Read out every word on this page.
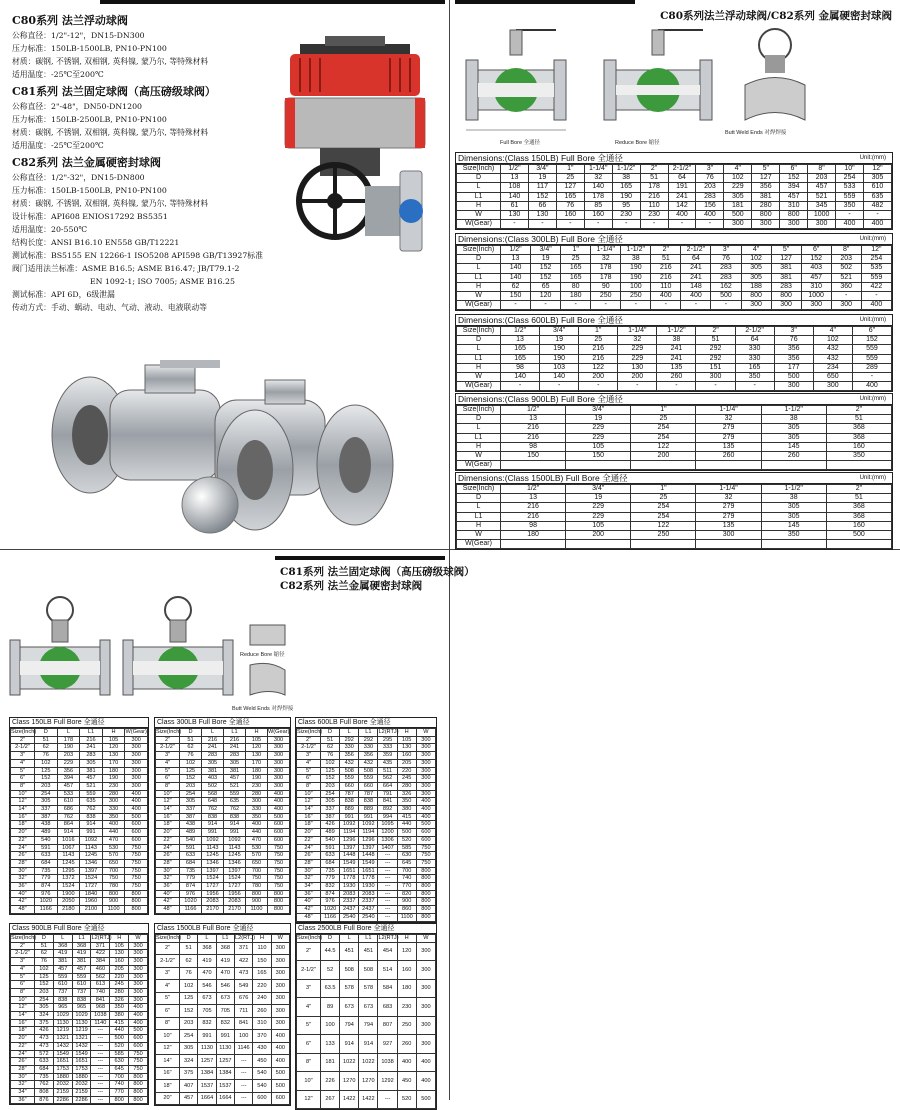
C80系列 法兰浮动球阀
公称直径：1/2"-12"，DN15-DN300
压力标准：150LB-1500LB, PN10-PN100
材质：碳钢, 不锈钢, 双相钢, 英科镍, 蒙乃尔, 等特殊材料
适用温度：-25℃至200℃
C81系列 法兰固定球阀（高压磅级球阀）
公称直径：2"-48"，DN50-DN1200
压力标准：150LB-2500LB, PN10-PN100
材质：碳钢, 不锈钢, 双相钢, 英科镍, 蒙乃尔, 等特殊材料
适用温度：-25℃至200℃
C82系列 法兰金属硬密封球阀
公称直径：1/2"-32"，DN15-DN800
压力标准：150LB-1500LB, PN10-PN100
材质：碳钢, 不锈钢, 双相钢, 英科镍, 蒙乃尔, 等特殊材料
设计标准：API608 ENIOS17292 BS5351
适用温度：20-550℃
结构长度：ANSI B16.10 EN558 GB/T12221
测试标准：BS5155 EN 12266-1 ISO5208 API598 GB/T13927标准
阀门适用法兰标准：ASME B16.5; ASME B16.47; JB/T79.1-2
　　　　　　　　　　EN 1092-1; ISO 7005; ASME B16.25
测试标准：API 6D，6级泄漏
传动方式：手动、蜗动、电动、气动、液动、电液联动等
C80系列法兰浮动球阀/C82系列 金属硬密封球阀
Full Bore 全通径	Reduce Bore 缩径
Butt Weld Ends 对焊焊接
Dimensions:(Class 150LB) Full Bore 全通径	Unit:(mm)
Size(Inch)	1/2"	3/4"	1"	1-1/4"	1-1/2"	2"	2-1/2"	3"	4"	5"	6"	8"	10"	12"
D	13	19	25	32	38	51	64	76	102	127	152	203	254	305
L	108	117	127	140	165	178	191	203	229	356	394	457	533	610
L1	140	152	165	178	190	216	241	283	305	381	457	521	559	635
H	61	66	76	85	95	110	142	156	181	280	310	345	350	482
W	130	130	160	160	230	230	400	400	500	800	800	1000	-	-
W(Gear)	-	-	-	-	-	-	-	-	300	300	300	300	400	400
Dimensions:(Class 300LB) Full Bore 全通径	Unit:(mm)
Size(Inch)	1/2"	3/4"	1"	1-1/4"	1-1/2"	2"	2-1/2"	3"	4"	5"	6"	8"	12"
D	13	19	25	32	38	51	64	76	102	127	152	203	254
L	140	152	165	178	190	216	241	283	305	381	403	502	535
L1	140	152	165	178	190	216	241	283	305	381	457	521	559
H	62	65	80	90	100	110	148	162	188	283	310	360	422
W	150	120	180	250	250	400	400	500	800	800	1000	-	-
W(Gear)	-	-	-	-	-	-	-	-	300	300	300	300	400
Dimensions:(Class 600LB) Full Bore 全通径	Unit:(mm)
Size(Inch)	1/2"	3/4"	1"	1-1/4"	1-1/2"	2"	2-1/2"	3"	4"	6"
D	13	19	25	32	38	51	64	76	102	152
L	165	190	216	229	241	292	330	356	432	559
L1	165	190	216	229	241	292	330	356	432	559
H	98	103	122	130	135	151	165	177	234	289
W	140	140	200	200	260	300	350	500	650	-
W(Gear)	-	-	-	-	-	-	-	300	300	400
Dimensions:(Class 900LB) Full Bore 全通径	Unit:(mm)
Size(Inch)	1/2"	3/4"	1"	1-1/4"	1-1/2"	2"
D	13	19	25	32	38	51
L	216	229	254	279	305	368
L1	216	229	254	279	305	368
H	98	105	122	135	145	160
W	150	150	200	260	260	350
W(Gear)						
Dimensions:(Class 1500LB) Full Bore 全通径	Unit:(mm)
Size(Inch)	1/2"	3/4"	1"	1-1/4"	1-1/2"	2"
D	13	19	25	32	38	51
L	216	229	254	279	305	368
L1	216	229	254	279	305	368
H	98	105	122	135	145	160
W	180	200	250	300	350	500
W(Gear)						
C81系列 法兰固定球阀（高压磅级球阀）
C82系列 法兰金属硬密封球阀
Reduce Bore 缩径
Butt Weld Ends 对焊焊接
Class 150LB Full Bore 全通径
Size(Inch)	D	L	L1	H	W(Gear)
2"	51	178	216	105	300
2-1/2"	62	190	241	120	300
3"	76	203	283	130	300
4"	102	229	305	170	300
5"	125	356	381	180	300
6"	152	394	457	190	300
8"	203	457	521	230	300
10"	254	533	559	280	400
12"	305	610	635	300	400
14"	337	686	762	330	400
16"	387	762	838	350	500
18"	438	864	914	400	600
20"	489	914	991	440	600
22"	540	1016	1092	470	600
24"	591	1067	1143	530	750
26"	633	1143	1245	570	750
28"	684	1245	1346	650	750
30"	735	1295	1397	700	750
32"	779	1372	1524	750	750
36"	874	1524	1727	780	750
40"	976	1900	1840	800	800
42"	1020	2050	1960	900	800
48"	1166	2180	2100	1100	800
Class 300LB Full Bore 全通径
Size(Inch)	D	L	L1	H	W(Gear)
2"	51	216	216	105	300
2-1/2"	62	241	241	120	300
3"	76	283	283	130	300
4"	102	305	305	170	300
5"	125	381	381	180	300
6"	152	403	457	190	300
8"	203	502	521	230	300
10"	254	568	559	280	400
12"	305	648	635	300	400
14"	337	762	762	330	400
16"	387	838	838	350	500
18"	438	914	914	400	600
20"	489	991	991	440	600
22"	540	1092	1092	470	600
24"	591	1143	1143	530	750
26"	633	1245	1245	570	750
28"	684	1346	1346	650	750
30"	735	1397	1397	700	750
32"	779	1524	1524	750	750
36"	874	1727	1727	780	750
40"	976	1956	1956	800	800
42"	1020	2083	2083	900	800
48"	1166	2170	2170	1100	800
Class 600LB Full Bore 全通径
Size(Inch)	D	L	L1	L2(RTJ)	H	W
2"	51	292	292	295	105	300
2-1/2"	62	330	330	333	130	300
3"	76	356	356	359	160	300
4"	102	432	432	435	205	300
5"	125	508	508	511	220	300
6"	152	559	559	562	245	300
8"	203	660	660	664	280	300
10"	254	787	787	791	326	300
12"	305	838	838	841	350	400
14"	337	889	889	892	380	400
16"	387	991	991	994	415	400
18"	426	1092	1092	1095	440	500
20"	489	1194	1194	1200	500	600
22"	540	1296	1296	1306	520	600
24"	591	1397	1397	1407	585	750
26"	633	1448	1448	---	630	750
28"	684	1549	1549	---	645	750
30"	735	1651	1651	---	700	800
32"	779	1778	1778	---	740	800
34"	832	1930	1930	---	770	800
36"	874	2083	2083	---	820	800
40"	976	2337	2337	---	900	800
42"	1020	2437	2437	---	860	800
48"	1166	2540	2540	---	1100	800
Class 900LB Full Bore 全通径
Size(Inch)	D	L	L1	L2(RTJ)	H	W
2"	51	368	368	371	105	300
2-1/2"	62	419	419	422	130	300
3"	76	381	381	384	160	300
4"	102	457	457	460	205	300
5"	125	559	559	562	220	300
6"	152	610	610	613	245	300
8"	203	737	737	740	280	300
10"	254	838	838	841	326	300
12"	305	965	965	968	350	400
14"	324	1029	1029	1038	380	400
16"	375	1130	1130	1140	415	400
18"	426	1219	1219	---	440	500
20"	473	1321	1321	---	500	600
22"	473	1432	1432	---	520	600
24"	572	1549	1549	---	585	750
26"	633	1651	1651	---	630	750
28"	684	1753	1753	---	645	750
30"	735	1880	1880	---	700	800
32"	762	2032	2032	---	740	800
34"	808	2159	2159	---	770	800
36"	876	2286	2286	---	800	800
Class 1500LB Full Bore 全通径
Size(Inch)	D	L	L1	L2(RTJ)	H	W
2"	51	368	368	371	110	300
2-1/2"	62	419	419	422	150	300
3"	76	470	470	473	165	300
4"	102	546	546	549	220	300
5"	125	673	673	676	240	300
6"	152	705	705	711	260	300
8"	203	832	832	841	310	300
10"	254	991	991	100	370	400
12"	305	1130	1130	1146	430	400
14"	324	1257	1257	---	450	400
16"	375	1384	1384	---	540	500
18"	407	1537	1537	---	540	500
20"	457	1664	1664	---	600	600
Class 2500LB Full Bore 全通径
Size(Inch)	D	L	L1	L2(RTJ)	H	W
2"	44.5	451	451	454	120	300
2-1/2"	52	508	508	514	160	300
3"	63.5	578	578	584	180	300
4"	89	673	673	683	230	300
5"	100	794	794	807	250	300
6"	133	914	914	927	260	300
8"	181	1022	1022	1038	400	400
10"	226	1270	1270	1292	450	400
12"	267	1422	1422	---	520	500
